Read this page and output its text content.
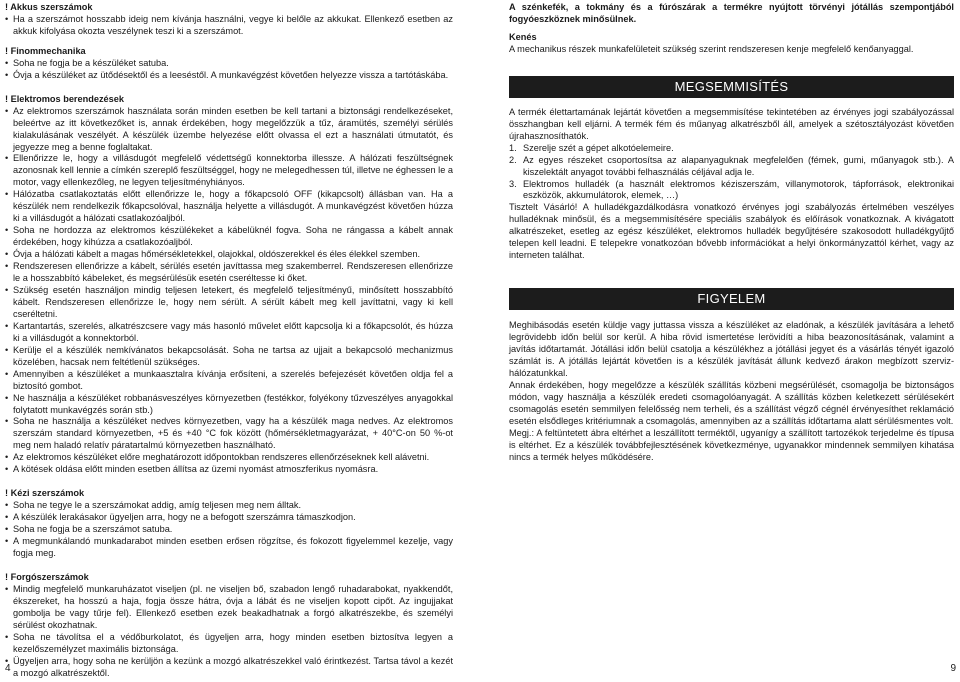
! Akkus szerszámok
• Ha a szerszámot hosszabb ideig nem kívánja használni, vegye ki belőle az akkukat. Ellenkező esetben az akkuk kifolyása okozta veszélynek teszi ki a szerszámot.
! Finommechanika
• Soha ne fogja be a készüléket satuba.
• Óvja a készüléket az ütődésektől és a leeséstől. A munkavégzést követően helyezze vissza a tartótáskába.
! Elektromos berendezések
• Az elektromos szerszámok használata során minden esetben be kell tartani a biztonsági rendelkezéseket, beleértve az itt következőket is, annak érdekében, hogy megelőzzük a tűz, áramütés, személyi sérülés kialakulásának veszélyét. A készülék üzembe helyezése előtt olvassa el ezt a használati útmutatót, és jegyezze meg a benne foglaltakat.
• Ellenőrizze le, hogy a villásdugót megfelelő védettségű konnektorba illessze. A hálózati feszültségnek azonosnak kell lennie a címkén szereplő feszültséggel, hogy ne melegedhessen túl, illetve ne éghessen le a motor, vagy ellenkezőleg, ne legyen teljesítményhiányos.
• Hálózatba csatlakoztatás előtt ellenőrizze le, hogy a főkapcsoló OFF (kikapcsolt) állásban van. Ha a készülék nem rendelkezik főkapcsolóval, használja helyette a villásdugót. A munkavégzést követően húzza ki a villásdugót a hálózati csatlakozóaljból.
• Soha ne hordozza az elektromos készülékeket a kábelüknél fogva. Soha ne rángassa a kábelt annak érdekében, hogy kihúzza a csatlakozóaljból.
• Óvja a hálózati kábelt a magas hőmérsékletekkel, olajokkal, oldószerekkel és éles élekkel szemben.
• Rendszeresen ellenőrizze a kábelt, sérülés esetén javíttassa meg szakemberrel. Rendszeresen ellenőrizze le a hosszabbító kábeleket, és megsérülésük esetén cseréltesse ki őket.
• Szükség esetén használjon mindig teljesen letekert, és megfelelő teljesítményű, minősített hosszabbító kábelt. Rendszeresen ellenőrizze le, hogy nem sérült. A sérült kábelt meg kell javíttatni, vagy ki kell cseréltetni.
• Kartantartás, szerelés, alkatrészcsere vagy más hasonló művelet előtt kapcsolja ki a főkapcsolót, és húzza ki a villásdugót a konnektorból.
• Kerülje el a készülék nemkívánatos bekapcsolását. Soha ne tartsa az ujjait a bekapcsoló mechanizmus közelében, hacsak nem feltétlenül szükséges.
• Amennyiben a készüléket a munkaasztalra kívánja erősíteni, a szerelés befejezését követően oldja fel a biztosító gombot.
• Ne használja a készüléket robbanásveszélyes környezetben (festékkor, folyékony tűzveszélyes anyagokkal folytatott munkavégzés során stb.)
• Soha ne használja a készüléket nedves környezetben, vagy ha a készülék maga nedves. Az elektromos szerszám standard környezetben, +5 és +40 °C fok között (hőmérsékletmagyarázat, + 40°C-on 50 %-ot meg nem haladó relatív páratartalmú környezetben használható.
• Az elektromos készüléket előre meghatározott időpontokban rendszeres ellenőrzéseknek kell alávetni.
• A kötések oldása előtt minden esetben állítsa az üzemi nyomást atmoszferikus nyomásra.
! Kézi szerszámok
• Soha ne tegye le a szerszámokat addig, amíg teljesen meg nem álltak.
• A készülék lerakásakor ügyeljen arra, hogy ne a befogott szerszámra támaszkodjon.
• Soha ne fogja be a szerszámot satuba.
• A megmunkálandó munkadarabot minden esetben erősen rögzítse, és fokozott figyelemmel kezelje, vagy fogja meg.
! Forgószerszámok
• Mindig megfelelő munkaruházatot viseljen (pl. ne viseljen bő, szabadon lengő ruhadarabokat, nyakkendőt, ékszereket, ha hosszú a haja, fogja össze hátra, óvja a lábát és ne viseljen kopott cipőt. Az ingujjakat gombolja be vagy tűrje fel). Ellenkező esetben ezek beakadhatnak a forgó alkatrészekbe, és személyi sérülést okozhatnak.
• Soha ne távolítsa el a védőburkolatot, és ügyeljen arra, hogy minden esetben biztosítva legyen a kezelőszemélyzet maximális biztonsága.
• Ügyeljen arra, hogy soha ne kerüljön a kezünk a mozgó alkatrészekkel való érintkezést. Tartsa távol a kezét a mozgó alkatrészektől.

A szénkefék, a tokmány és a fúrószárak a termékre nyújtott törvényi jótállás szempontjából fogyóeszköznek minősülnek.

Kenés

A mechanikus részek munkafelületeit szükség szerint rendszeresen kenje megfelelő kenőanyaggal.

MEGSEMMISÍTÉS

A termék élettartamának lejártát követően a megsemmisítése tekintetében az érvényes jogi szabályozással összhangban kell eljárni. A termék fém és műanyag alkatrészből áll, amelyek a szétosztályozást követően újrahasznosíthatók.

1. Szerelje szét a gépet alkotóelemeire.
2. Az egyes részeket csoportosítsa az alapanyaguknak megfelelően (fémek, gumi, műanyagok stb.). A kiszelektált anyagot további felhasználás céljával adja le.
3. Elektromos hulladék (a használt elektromos kéziszerszám, villanymotorok, tápforrások, elektronikai eszközök, akkumulátorok, elemek, …)

Tisztelt Vásárló! A hulladékgazdálkodásra vonatkozó érvényes jogi szabályozás értelmében veszélyes hulladéknak minősül, és a megsemmisítésére speciális szabályok és előírások vonatkoznak. A kivágatott alkatrészeket, esetleg az egész készüléket, elektromos hulladék begyűjtésére szakosodott hulladékgyűjtő telepen kell leadni. E telepekre vonatkozóan bővebb információkat a helyi önkormányzattól kérhet, vagy az interneten találhat.

FIGYELEM

Meghibásodás esetén küldje vagy juttassa vissza a készüléket az eladónak, a készülék javítására a lehető legrövidebb időn belül sor kerül. A hiba rövid ismertetése lerövidíti a hiba beazonosításának, valamint a javítás időtartamát. Jótállási időn belül csatolja a készülékhez a jótállási jegyet és a vásárlás tényét igazoló számlát is. A jótállás lejártát követően is a készülék javítását állunk kedvező árakon megbízott szervizhálózatunkkal.

Annak érdekében, hogy megelőzze a készülék szállítás közbeni megsérülését, csomagolja be biztonságos módon, vagy használja a készülék eredeti csomagolóanyagát. A szállítás közben keletkezett sérülésekért csomagolás esetén semmilyen felelősség nem terheli, és a szállítást végző cégnél érvényesíthet reklamáció esetén elsődleges kritériumnak a csomagolás, amennyiben az a szállítás időtartama alatt sérülésmentes volt.

Megj.: A feltüntetett ábra eltérhet a leszállított terméktől, ugyanígy a szállított tartozékok terjedelme és típusa is eltérhet. Ez a készülék továbbfejlesztésének következménye, ugyanakkor mindennek semmilyen kihatása nincs a termék helyes működésére.

4	9
